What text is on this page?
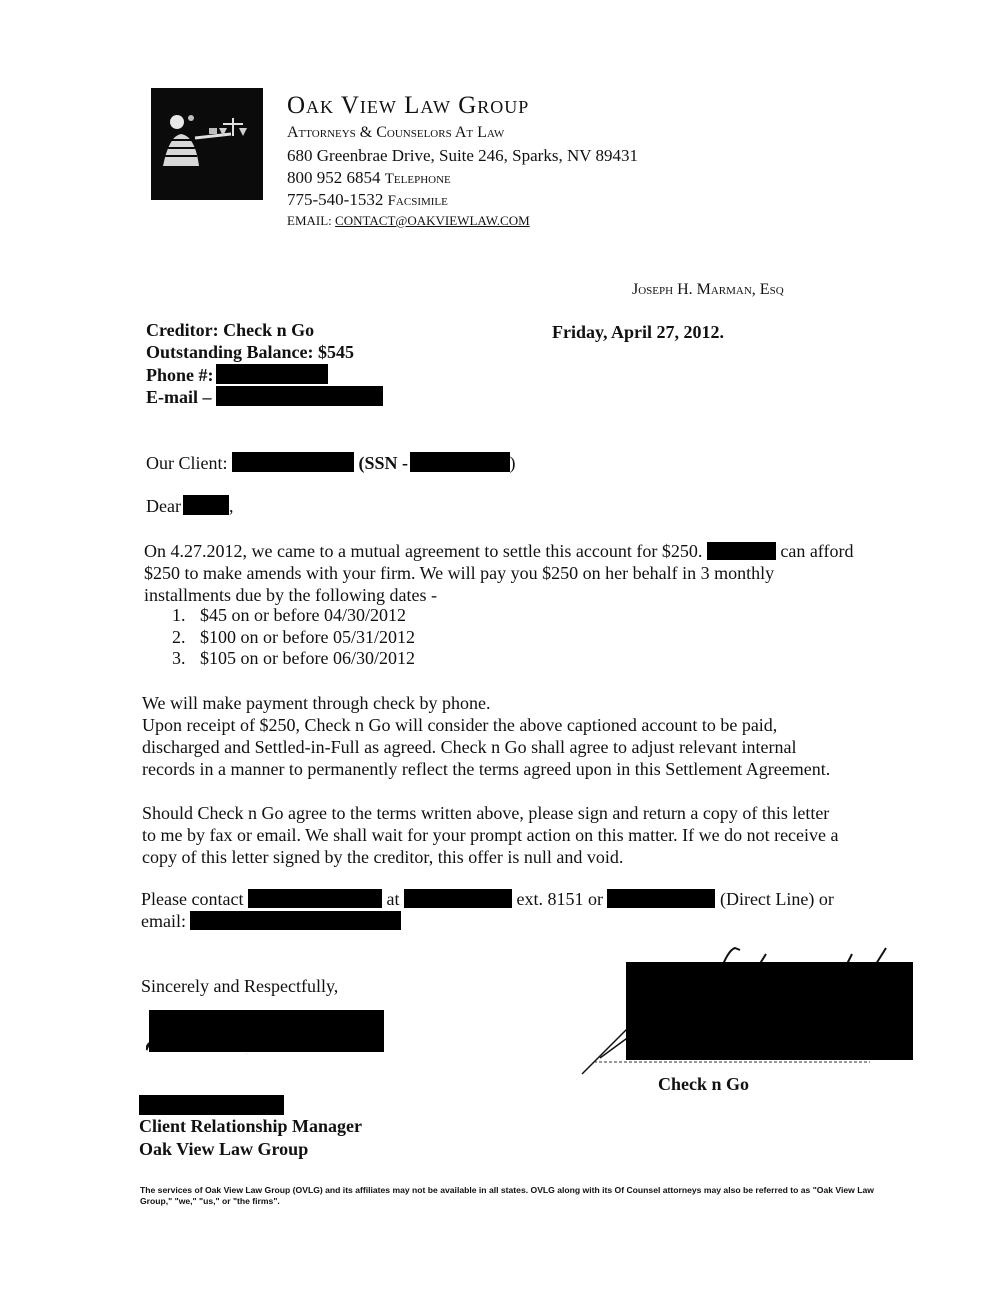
Oak View Law Group
Attorneys & Counselors At Law
680 Greenbrae Drive, Suite 246, Sparks, NV 89431
800 952 6854 Telephone
775-540-1532 Facsimile
EMAIL: CONTACT@OAKVIEWLAW.COM
Joseph H. Marman, Esq
Creditor: Check n Go
Outstanding Balance: $545
Phone #:
E-mail –
Friday, April 27, 2012.
Our Client:	(SSN -	)
Dear	,
On 4.27.2012, we came to a mutual agreement to settle this account for $250.	can afford
$250 to make amends with your firm. We will pay you $250 on her behalf in 3 monthly
installments due by the following dates -
1. $45 on or before 04/30/2012
2. $100 on or before 05/31/2012
3. $105 on or before 06/30/2012
We will make payment through check by phone.
Upon receipt of $250, Check n Go will consider the above captioned account to be paid,
discharged and Settled-in-Full as agreed. Check n Go shall agree to adjust relevant internal
records in a manner to permanently reflect the terms agreed upon in this Settlement Agreement.
Should Check n Go agree to the terms written above, please sign and return a copy of this letter
to me by fax or email. We shall wait for your prompt action on this matter. If we do not receive a
copy of this letter signed by the creditor, this offer is null and void.
Please contact	at	ext. 8151 or	(Direct Line) or
email:
Sincerely and Respectfully,
Check n Go
Client Relationship Manager
Oak View Law Group
The services of Oak View Law Group (OVLG) and its affiliates may not be available in all states. OVLG along with its Of Counsel attorneys may also be referred to as "Oak View Law Group," "we," "us," or "the firms".
